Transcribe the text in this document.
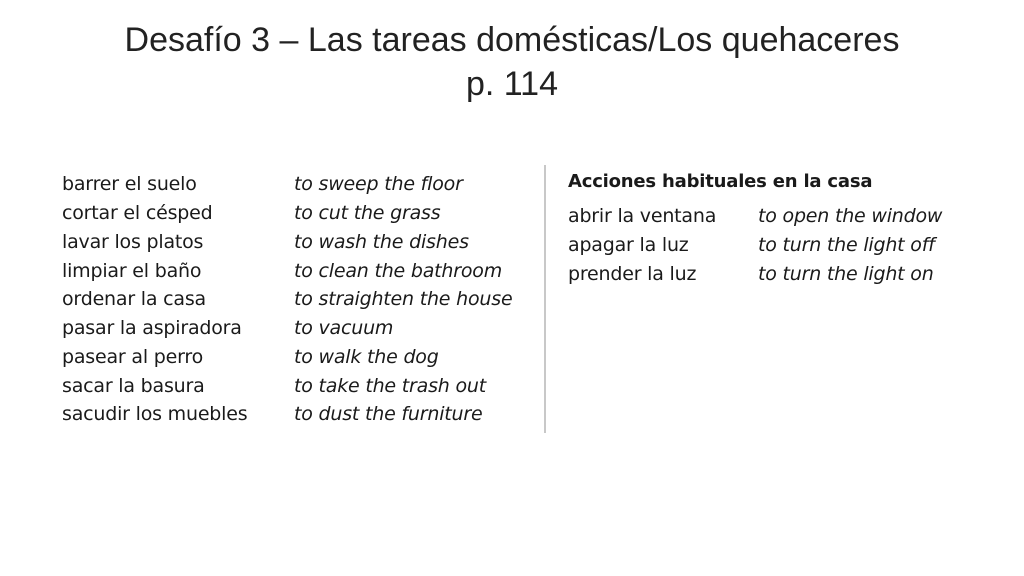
Desafío 3 – Las tareas domésticas/Los quehaceres
p. 114
barrer el suelo	to sweep the floor
cortar el césped	to cut the grass
lavar los platos	to wash the dishes
limpiar el baño	to clean the bathroom
ordenar la casa	to straighten the house
pasar la aspiradora	to vacuum
pasear al perro	to walk the dog
sacar la basura	to take the trash out
sacudir los muebles	to dust the furniture
Acciones habituales en la casa
abrir la ventana	to open the window
apagar la luz	to turn the light off
prender la luz	to turn the light on
